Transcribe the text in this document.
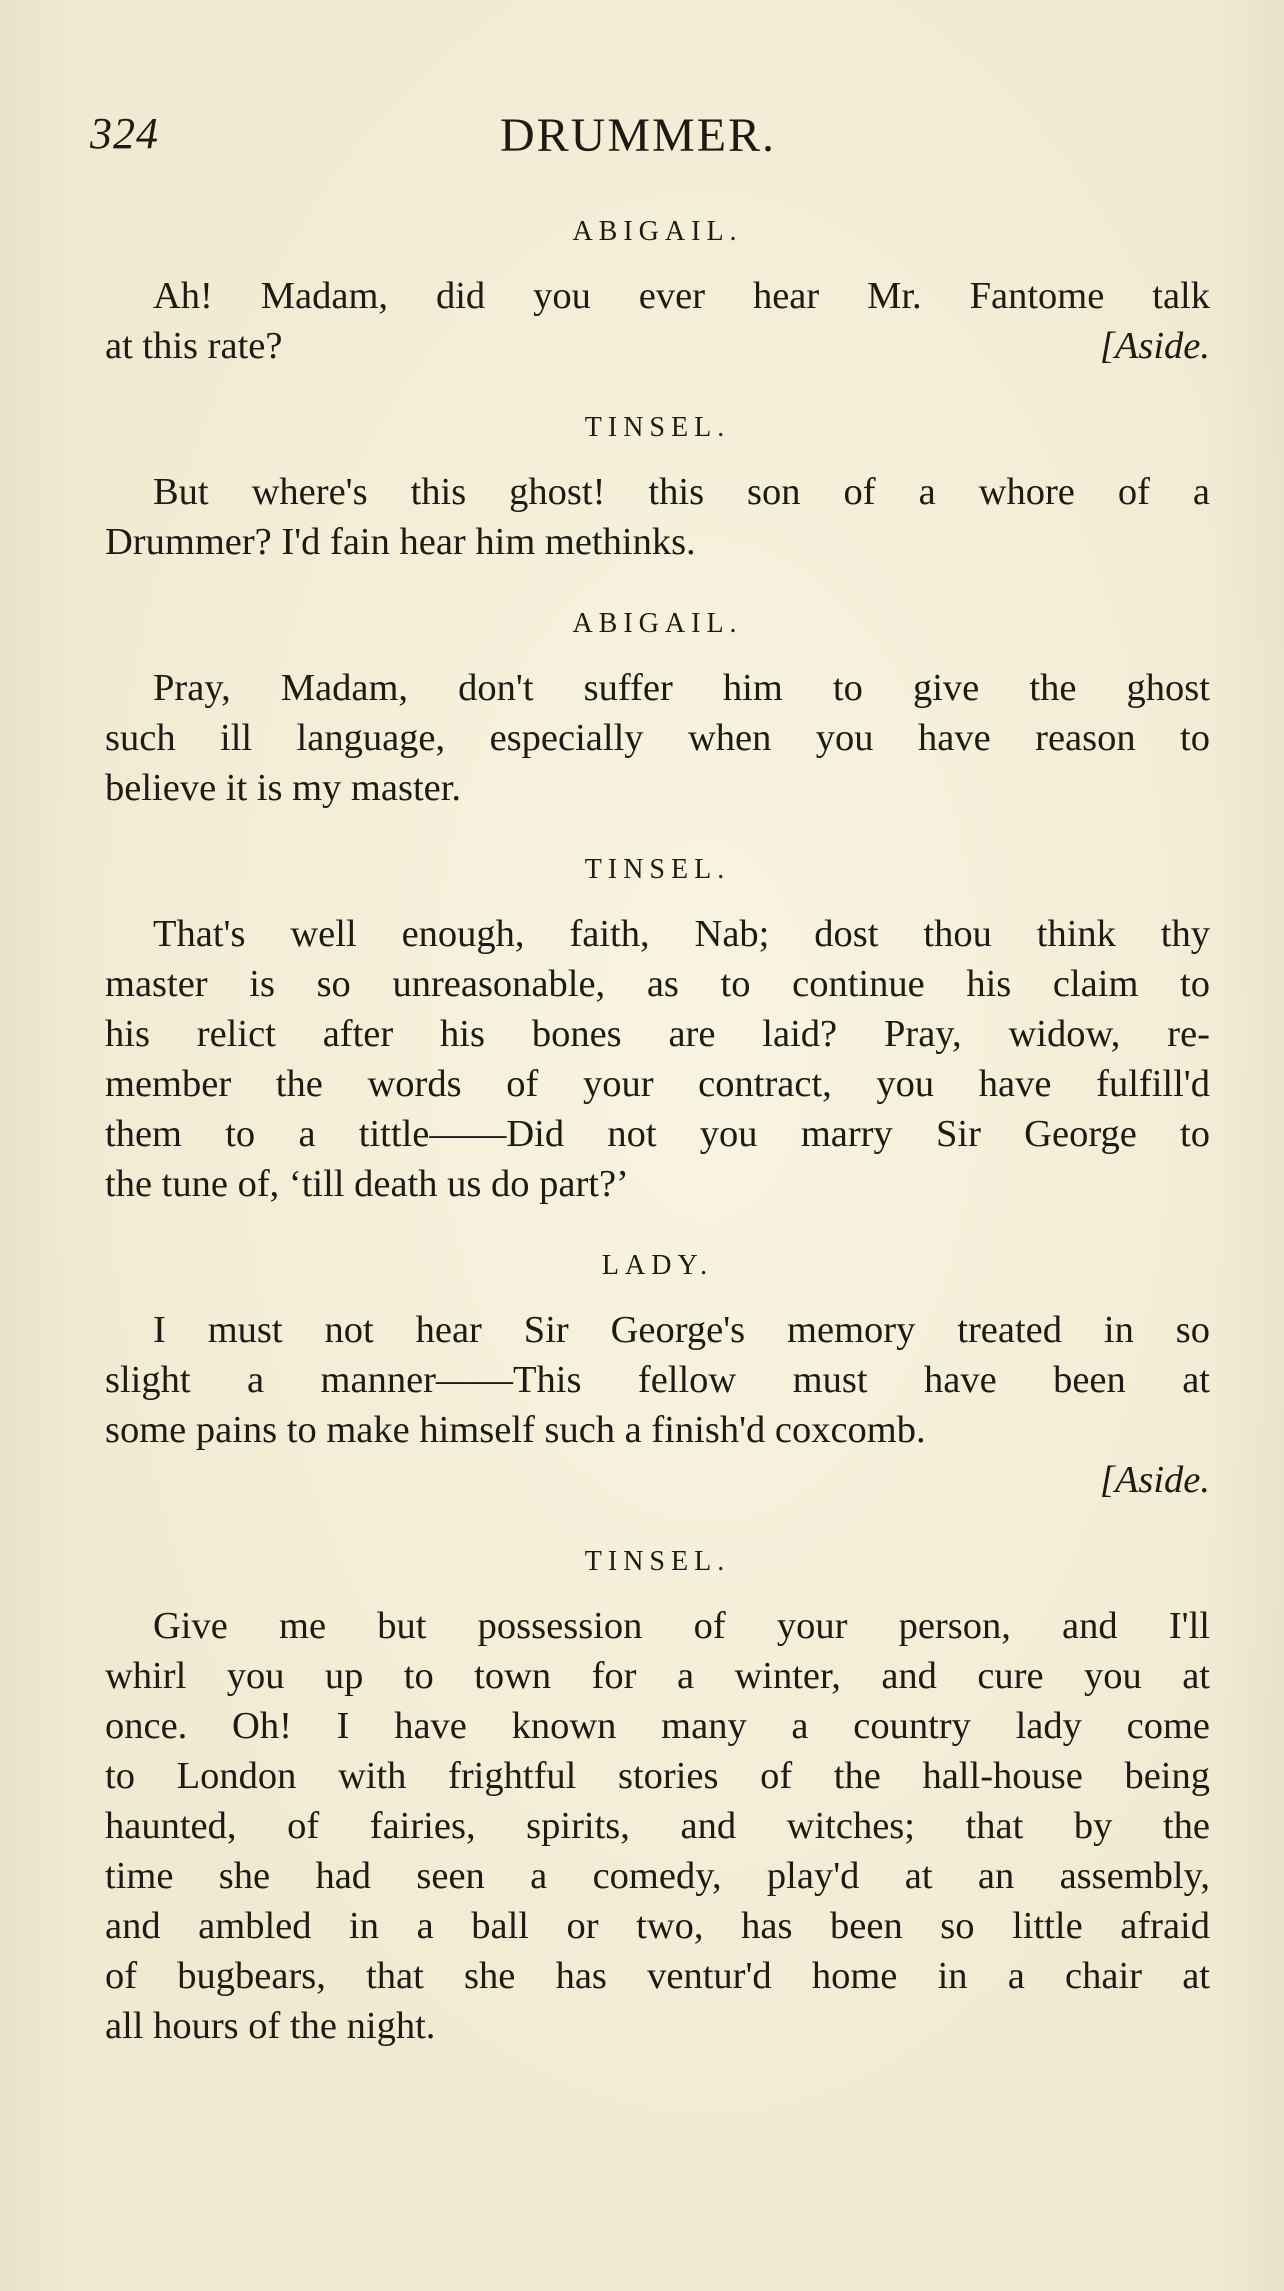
324	DRUMMER.
ABIGAIL.
Ah! Madam, did you ever hear Mr. Fantome talk
at this rate?	[Aside.
TINSEL.
But where's this ghost! this son of a whore of a
Drummer? I'd fain hear him methinks.
ABIGAIL.
Pray, Madam, don't suffer him to give the ghost
such ill language, especially when you have reason to
believe it is my master.
TINSEL.
That's well enough, faith, Nab; dost thou think thy
master is so unreasonable, as to continue his claim to
his relict after his bones are laid? Pray, widow, re-
member the words of your contract, you have fulfill'd
them to a tittle——Did not you marry Sir George to
the tune of, ‘till death us do part?’
LADY.
I must not hear Sir George's memory treated in so
slight a manner——This fellow must have been at
some pains to make himself such a finish'd coxcomb.
[Aside.
TINSEL.
Give me but possession of your person, and I'll
whirl you up to town for a winter, and cure you at
once. Oh! I have known many a country lady come
to London with frightful stories of the hall-house being
haunted, of fairies, spirits, and witches; that by the
time she had seen a comedy, play'd at an assembly,
and ambled in a ball or two, has been so little afraid
of bugbears, that she has ventur'd home in a chair at
all hours of the night.
